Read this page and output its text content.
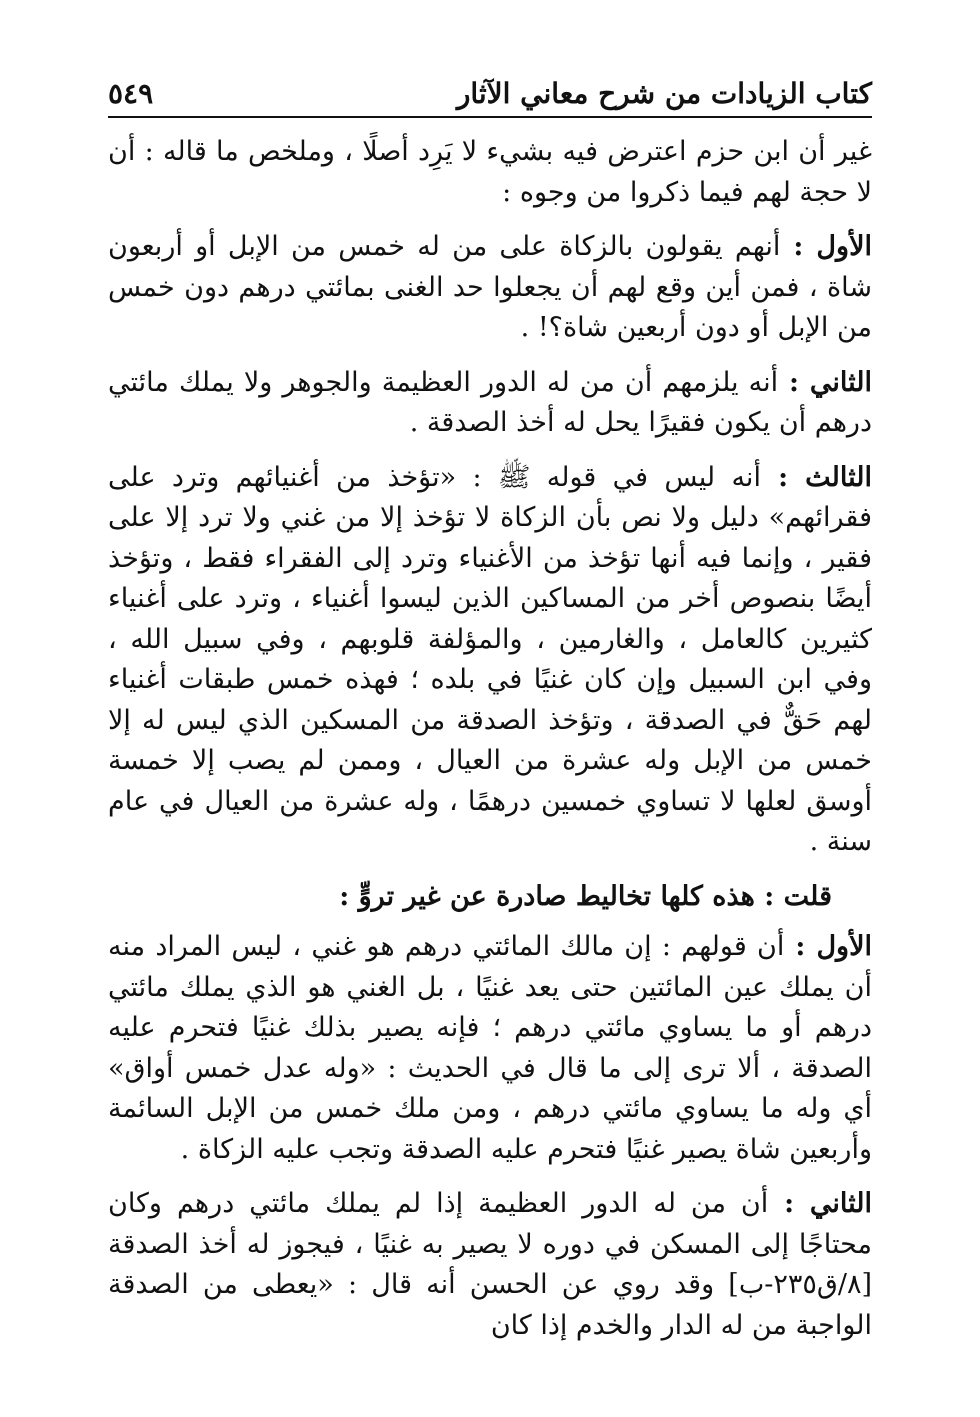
كتاب الزيادات من شرح معاني الآثار
٥٤٩

غير أن ابن حزم اعترض فيه بشيء لا يَرِد أصلًا ، وملخص ما قاله : أن لا حجة لهم فيما ذكروا من وجوه :

الأول : أنهم يقولون بالزكاة على من له خمس من الإبل أو أربعون شاة ، فمن أين وقع لهم أن يجعلوا حد الغنى بمائتي درهم دون خمس من الإبل أو دون أربعين شاة؟! .

الثاني : أنه يلزمهم أن من له الدور العظيمة والجوهر ولا يملك مائتي درهم أن يكون فقيرًا يحل له أخذ الصدقة .

الثالث : أنه ليس في قوله ﷺ : «تؤخذ من أغنيائهم وترد على فقرائهم» دليل ولا نص بأن الزكاة لا تؤخذ إلا من غني ولا ترد إلا على فقير ، وإنما فيه أنها تؤخذ من الأغنياء وترد إلى الفقراء فقط ، وتؤخذ أيضًا بنصوص أخر من المساكين الذين ليسوا أغنياء ، وترد على أغنياء كثيرين كالعامل ، والغارمين ، والمؤلفة قلوبهم ، وفي سبيل الله ، وفي ابن السبيل وإن كان غنيًا في بلده ؛ فهذه خمس طبقات أغنياء لهم حَقٌّ في الصدقة ، وتؤخذ الصدقة من المسكين الذي ليس له إلا خمس من الإبل وله عشرة من العيال ، وممن لم يصب إلا خمسة أوسق لعلها لا تساوي خمسين درهمًا ، وله عشرة من العيال في عام سنة .

قلت : هذه كلها تخاليط صادرة عن غير تروٍّ :

الأول : أن قولهم : إن مالك المائتي درهم هو غني ، ليس المراد منه أن يملك عين المائتين حتى يعد غنيًا ، بل الغني هو الذي يملك مائتي درهم أو ما يساوي مائتي درهم ؛ فإنه يصير بذلك غنيًا فتحرم عليه الصدقة ، ألا ترى إلى ما قال في الحديث : «وله عدل خمس أواق» أي وله ما يساوي مائتي درهم ، ومن ملك خمس من الإبل السائمة وأربعين شاة يصير غنيًا فتحرم عليه الصدقة وتجب عليه الزكاة .

الثاني : أن من له الدور العظيمة إذا لم يملك مائتي درهم وكان محتاجًا إلى المسكن في دوره لا يصير به غنيًا ، فيجوز له أخذ الصدقة [٨/ق٢٣٥-ب] وقد روي عن الحسن أنه قال : «يعطى من الصدقة الواجبة من له الدار والخدم إذا كان
